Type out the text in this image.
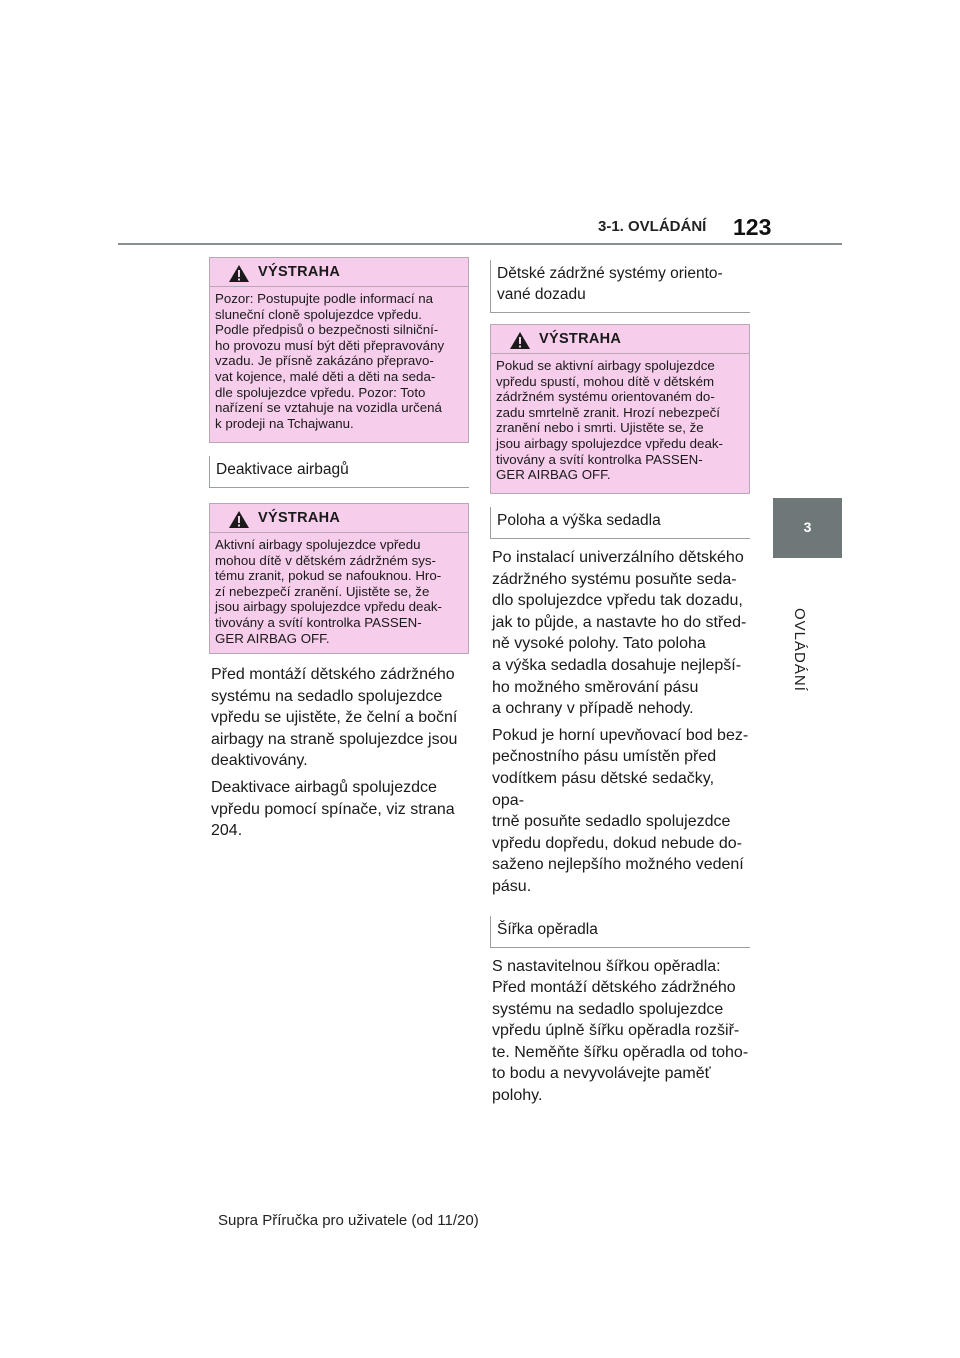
3-1. OVLÁDÁNÍ 123
3
OVLÁDÁNÍ
VÝSTRAHA
Pozor: Postupujte podle informací na
sluneční cloně spolujezdce vpředu.
Podle předpisů o bezpečnosti silniční-
ho provozu musí být děti přepravovány
vzadu. Je přísně zakázáno přepravo-
vat kojence, malé děti a děti na seda-
dle spolujezdce vpředu. Pozor: Toto
nařízení se vztahuje na vozidla určená
k prodeji na Tchajwanu.
Deaktivace airbagů
VÝSTRAHA
Aktivní airbagy spolujezdce vpředu
mohou dítě v dětském zádržném sys-
tému zranit, pokud se nafouknou. Hro-
zí nebezpečí zranění. Ujistěte se, že
jsou airbagy spolujezdce vpředu deak-
tivovány a svítí kontrolka PASSEN-
GER AIRBAG OFF.
Před montáží dětského zádržného
systému na sedadlo spolujezdce
vpředu se ujistěte, že čelní a boční
airbagy na straně spolujezdce jsou
deaktivovány.
Deaktivace airbagů spolujezdce
vpředu pomocí spínače, viz strana
204.
Dětské zádržné systémy oriento-
vané dozadu
VÝSTRAHA
Pokud se aktivní airbagy spolujezdce
vpředu spustí, mohou dítě v dětském
zádržném systému orientovaném do-
zadu smrtelně zranit. Hrozí nebezpečí
zranění nebo i smrti. Ujistěte se, že
jsou airbagy spolujezdce vpředu deak-
tivovány a svítí kontrolka PASSEN-
GER AIRBAG OFF.
Poloha a výška sedadla
Po instalací univerzálního dětského
zádržného systému posuňte seda-
dlo spolujezdce vpředu tak dozadu,
jak to půjde, a nastavte ho do střed-
ně vysoké polohy. Tato poloha
a výška sedadla dosahuje nejlepší-
ho možného směrování pásu
a ochrany v případě nehody.
Pokud je horní upevňovací bod bez-
pečnostního pásu umístěn před
vodítkem pásu dětské sedačky, opa-
trně posuňte sedadlo spolujezdce
vpředu dopředu, dokud nebude do-
saženo nejlepšího možného vedení
pásu.
Šířka opěradla
S nastavitelnou šířkou opěradla:
Před montáží dětského zádržného
systému na sedadlo spolujezdce
vpředu úplně šířku opěradla rozšiř-
te. Neměňte šířku opěradla od toho-
to bodu a nevyvolávejte paměť
polohy.
Supra Příručka pro uživatele (od 11/20)
